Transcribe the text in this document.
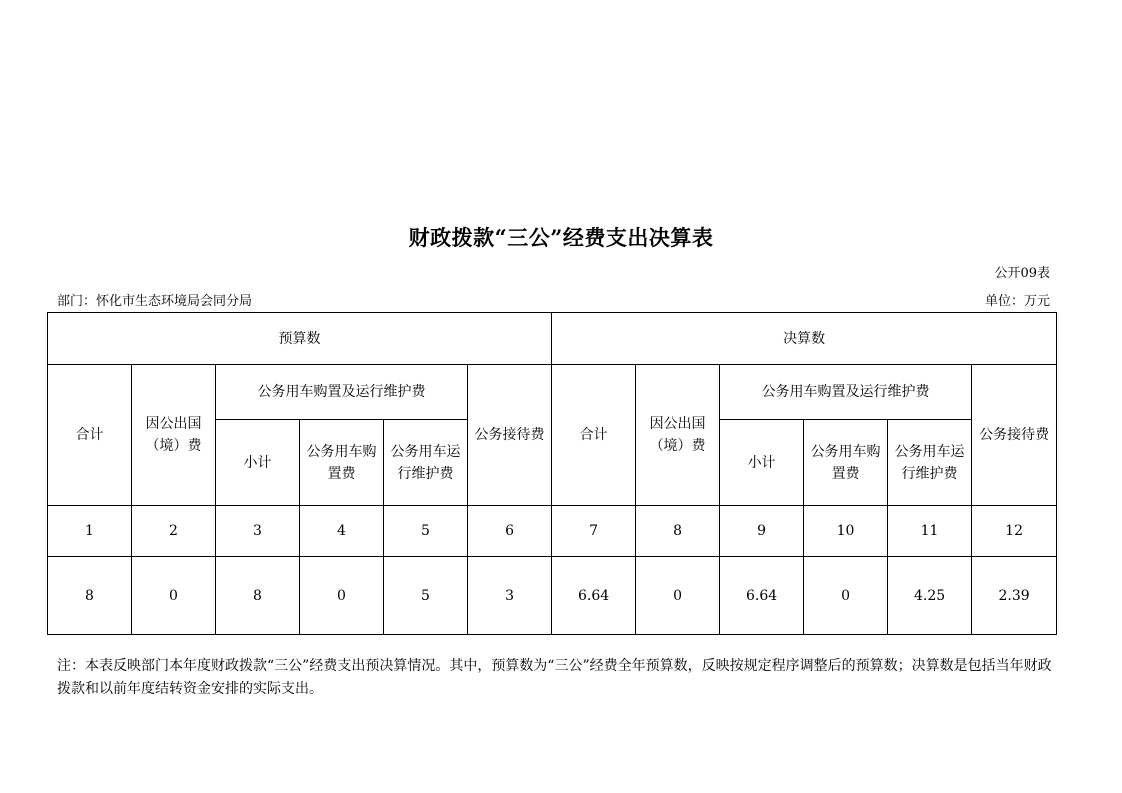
财政拨款“三公”经费支出决算表
公开09表
部门：怀化市生态环境局会同分局	单位：万元
预算数						决算数					
合计	因公出国（境）费	公务用车购置及运行维护费			公务接待费	合计	因公出国（境）费	公务用车购置及运行维护费			公务接待费
		小计	公务用车购置费	公务用车运行维护费				小计	公务用车购置费	公务用车运行维护费	
1	2	3	4	5	6	7	8	9	10	11	12
8	0	8	0	5	3	6.64	0	6.64	0	4.25	2.39
注：本表反映部门本年度财政拨款“三公”经费支出预决算情况。其中，预算数为“三公”经费全年预算数，反映按规定程序调整后的预算数；决算数是包括当年财政拨款和以前年度结转资金安排的实际支出。
